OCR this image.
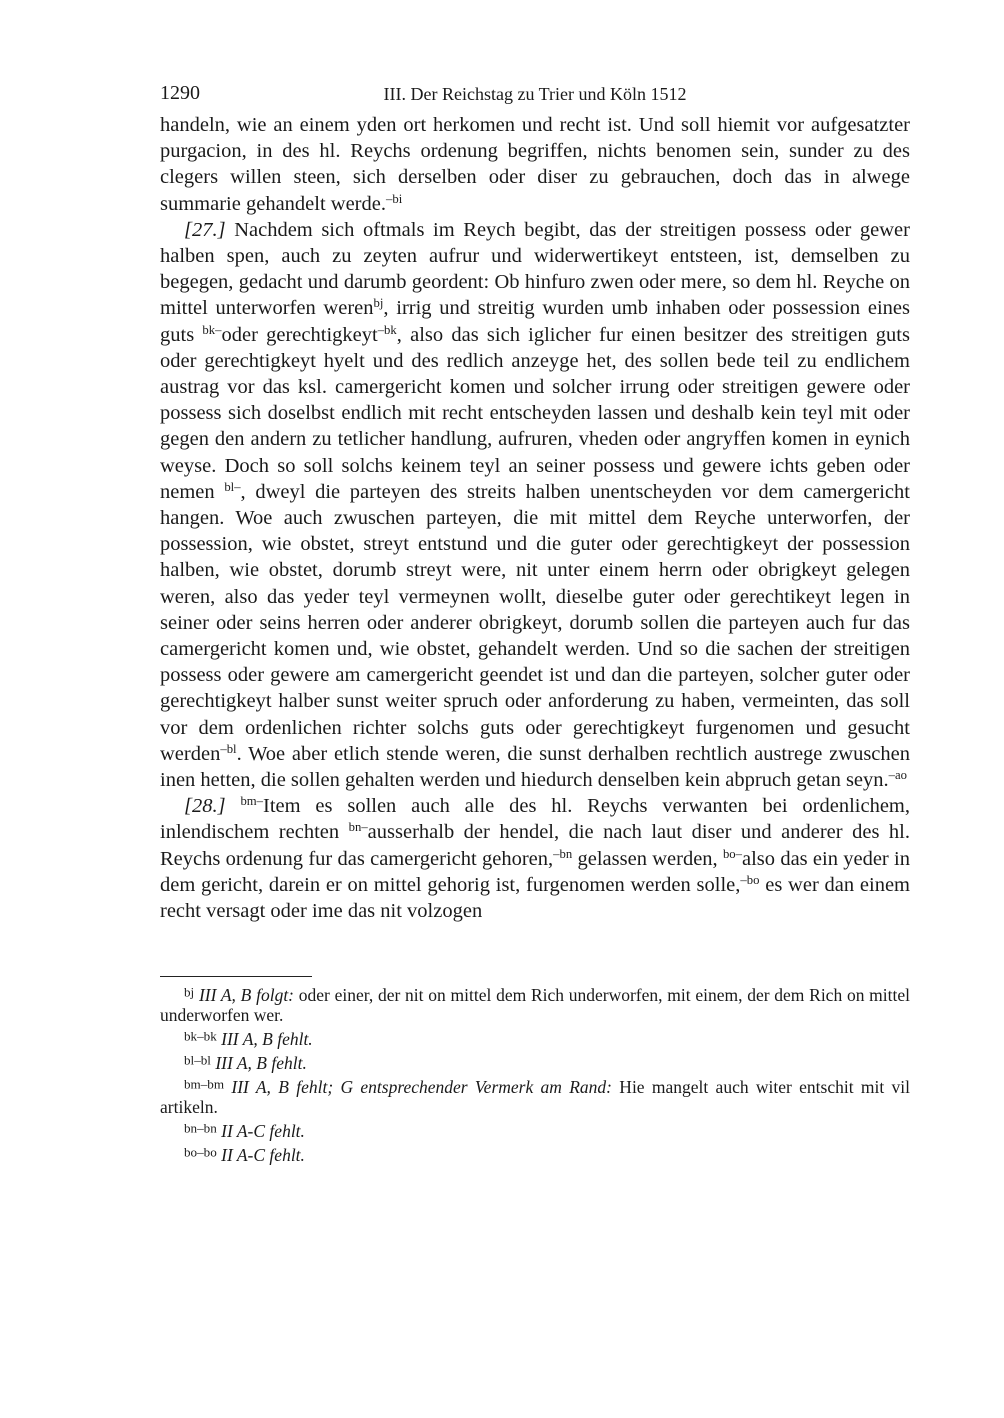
1290	III. Der Reichstag zu Trier und Köln 1512

handeln, wie an einem yden ort herkomen und recht ist. Und soll hiemit vor aufgesatzter purgacion, in des hl. Reychs ordenung begriffen, nichts benomen sein, sunder zu des clegers willen steen, sich derselben oder diser zu gebrauchen, doch das in alwege summarie gehandelt werde.$^{-bi}$

[27.] Nachdem sich oftmals im Reych begibt, das der streitigen possess oder gewer halben spen, auch zu zeyten aufrur und widerwertikeyt entsteen, ist, demselben zu begegen, gedacht und darumb geordent: Ob hinfuro zwen oder mere, so dem hl. Reyche on mittel unterworfen weren$^{bj}$, irrig und streitig wurden umb inhaben oder possession eines guts $^{bk-}$oder gerechtigkeyt$^{-bk}$, also das sich iglicher fur einen besitzer des streitigen guts oder gerechtigkeyt hyelt und des redlich anzeyge het, des sollen bede teil zu endlichem austrag vor das ksl. camergericht komen und solcher irrung oder streitigen gewere oder possess sich doselbst endlich mit recht entscheyden lassen und deshalb kein teyl mit oder gegen den andern zu tetlicher handlung, aufruren, vheden oder angryffen komen in eynich weyse. Doch so soll solchs keinem teyl an seiner possess und gewere ichts geben oder nemen $^{bl-}$, dweyl die parteyen des streits halben unentscheyden vor dem camergericht hangen. Woe auch zwuschen parteyen, die mit mittel dem Reyche unterworfen, der possession, wie obstet, streyt entstund und die guter oder gerechtigkeyt der possession halben, wie obstet, dorumb streyt were, nit unter einem herrn oder obrigkeyt gelegen weren, also das yeder teyl vermeynen wollt, dieselbe guter oder gerechtikeyt legen in seiner oder seins herren oder anderer obrigkeyt, dorumb sollen die parteyen auch fur das camergericht komen und, wie obstet, gehandelt werden. Und so die sachen der streitigen possess oder gewere am camergericht geendet ist und dan die parteyen, solcher guter oder gerechtigkeyt halber sunst weiter spruch oder anforderung zu haben, vermeinten, das soll vor dem ordenlichen richter solchs guts oder gerechtigkeyt furgenomen und gesucht werden$^{-bl}$. Woe aber etlich stende weren, die sunst derhalben rechtlich austrege zwuschen inen hetten, die sollen gehalten werden und hiedurch denselben kein abpruch getan seyn.$^{-ao}$

[28.] $^{bm-}$Item es sollen auch alle des hl. Reychs verwanten bei ordenlichem, inlendischem rechten $^{bn-}$ausserhalb der hendel, die nach laut diser und anderer des hl. Reychs ordenung fur das camergericht gehoren,$^{-bn}$ gelassen werden, $^{bo-}$also das ein yeder in dem gericht, darein er on mittel gehorig ist, furgenomen werden solle,$^{-bo}$ es wer dan einem recht versagt oder ime das nit volzogen

$^{bj}$ III A, B folgt: oder einer, der nit on mittel dem Rich underworfen, mit einem, der dem Rich on mittel underworfen wer.

$^{bk-bk}$ III A, B fehlt.

$^{bl-bl}$ III A, B fehlt.

$^{bm-bm}$ III A, B fehlt; G entsprechender Vermerk am Rand: Hie mangelt auch witer entschit mit vil artikeln.

$^{bn-bn}$ II A-C fehlt.

$^{bo-bo}$ II A-C fehlt.
